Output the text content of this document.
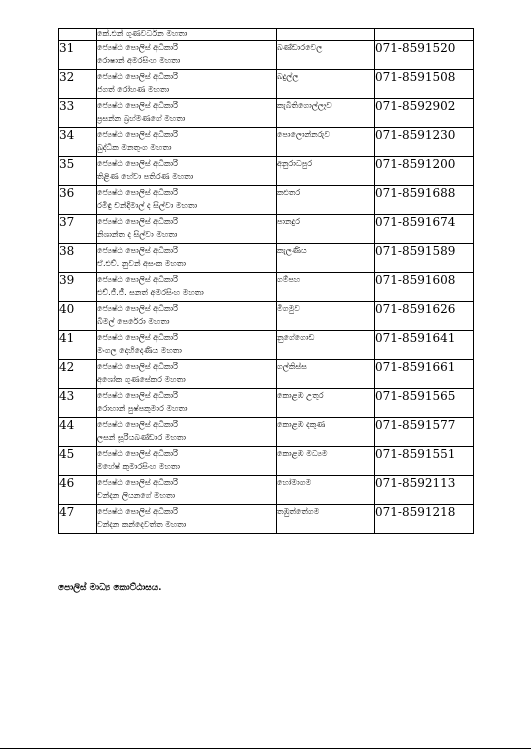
	කේ.එන් ගුණවර්ධන මහතා		
31	ජ්‍යෙෂ්ඨ පොලිස් අධිකාරි
රොෂාන් අමරසිංහ මහතා	බණ්ඩාරවෙල	071-8591520
32	ජ්‍යෙෂ්ඨ පොලිස් අධිකාරි
ජගත් රෝහණ මහතා	බදුල්ල	071-8591508
33	ජ්‍යෙෂ්ඨ පොලිස් අධිකාරි
ප්‍රසන්න බ්‍රහ්මණගේ මහතා	කැබිතිගොල්ලෑව	071-8592902
34	ජ්‍යෙෂ්ඨ පොලිස් අධිකාරි
බුද්ධික මනතුංග මහතා	පොලොන්නරුව	071-8591230
35	ජ්‍යෙෂ්ඨ පොලිස් අධිකාරි
තිළිණ හේවා පතිරණ මහතා	අනුරාධපුර	071-8591200
36	ජ්‍යෙෂ්ඨ පොලිස් අධිකාරි
රමිඳු චන්දිමාල් ද සිල්වා මහතා	කළුතර	071-8591688
37	ජ්‍යෙෂ්ඨ පොලිස් අධිකාරි
නිශාන්ත ද සිල්වා මහතා	පානදුර	071-8591674
38	ජ්‍යෙෂ්ඨ පොලිස් අධිකාරි
ඒ.එච්. නුවන් අසංක මහතා	කැලණිය	071-8591589
39	ජ්‍යෙෂ්ඨ පොලිස් අධිකාරි
එච්.ජී.ජී. සනත් අමරසිංහ මහතා	ගම්පහ	071-8591608
40	ජ්‍යෙෂ්ඨ පොලිස් අධිකාරි
බිමල් පෙරේරා මහතා	මීගමුව	071-8591626
41	ජ්‍යෙෂ්ඨ පොලිස් අධිකාරි
මංගල දෙහිදෙණිය මහතා	නුගේගොඩ	071-8591641
42	ජ්‍යෙෂ්ඨ පොලිස් අධිකාරි
අශෝක ගුණසේකර මහතා	ගල්කිස්ස	071-8591661
43	ජ්‍යෙෂ්ඨ පොලිස් අධිකාරි
රොහාන් පුෂ්පකුමාර මහතා	කොළඹ උතුර	071-8591565
44	ජ්‍යෙෂ්ඨ පොලිස් අධිකාරි
ලසන් සූරියබණ්ඩාර මහතා	කොළඹ දකුණ	071-8591577
45	ජ්‍යෙෂ්ඨ පොලිස් අධිකාරි
මහේෂ් කුමාරසිංහ මහතා	කොළඹ මධ්‍යම	071-8591551
46	ජ්‍යෙෂ්ඨ පොලිස් අධිකාරි
චන්දන ලියනගේ මහතා	හෝමාගම	071-8592113
47	ජ්‍යෙෂ්ඨ පොලිස් අධිකාරි
චන්දන කන්දෙවත්ත මහතා	තඹුත්තේගම	071-8591218
පොලිස් මාධ්‍ය කොට්ඨාසය.
